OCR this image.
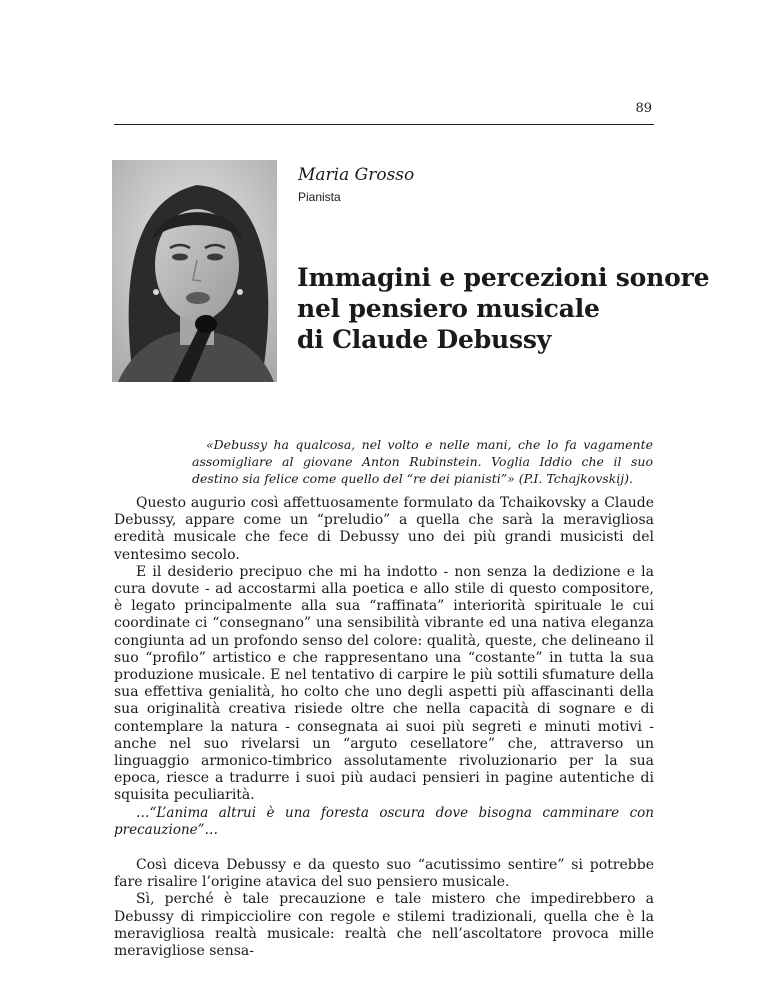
89
Maria Grosso
Pianista
Immagini e percezioni sonore
nel pensiero musicale
di Claude Debussy

«Debussy ha qualcosa, nel volto e nelle mani, che lo fa vagamente assomigliare al giovane Anton Rubinstein. Voglia Iddio che il suo destino sia felice come quello del “re dei pianisti”» (P.I. Tchajkovskij).

Questo augurio così affettuosamente formulato da Tchaikovsky a Claude Debussy, appare come un “preludio” a quella che sarà la meravigliosa eredità musicale che fece di Debussy uno dei più grandi musicisti del ventesimo secolo.

E il desiderio precipuo che mi ha indotto - non senza la dedizione e la cura dovute - ad accostarmi alla poetica e allo stile di questo compositore, è legato principalmente alla sua “raffinata” interiorità spirituale le cui coordinate ci “consegnano” una sensibilità vibrante ed una nativa eleganza congiunta ad un profondo senso del colore: qualità, queste, che delineano il suo “profilo” artistico e che rappresentano una “costante” in tutta la sua produzione musicale. E nel tentativo di carpire le più sottili sfumature della sua effettiva genialità, ho colto che uno degli aspetti più affascinanti della sua originalità creativa risiede oltre che nella capacità di sognare e di contemplare la natura - consegnata ai suoi più segreti e minuti motivi - anche nel suo rivelarsi un “arguto cesellatore” che, attraverso un linguaggio armonico-timbrico assolutamente rivoluzionario per la sua epoca, riesce a tradurre i suoi più audaci pensieri in pagine autentiche di squisita peculiarità.

…“L’anima altrui è una foresta oscura dove bisogna camminare con precauzione”…

Così diceva Debussy e da questo suo “acutissimo sentire” si potrebbe fare risalire l’origine atavica del suo pensiero musicale.

Sì, perché è tale precauzione e tale mistero che impedirebbero a Debussy di rimpicciolire con regole e stilemi tradizionali, quella che è la meravigliosa realtà musicale: realtà che nell’ascoltatore provoca mille meravigliose sensa-
